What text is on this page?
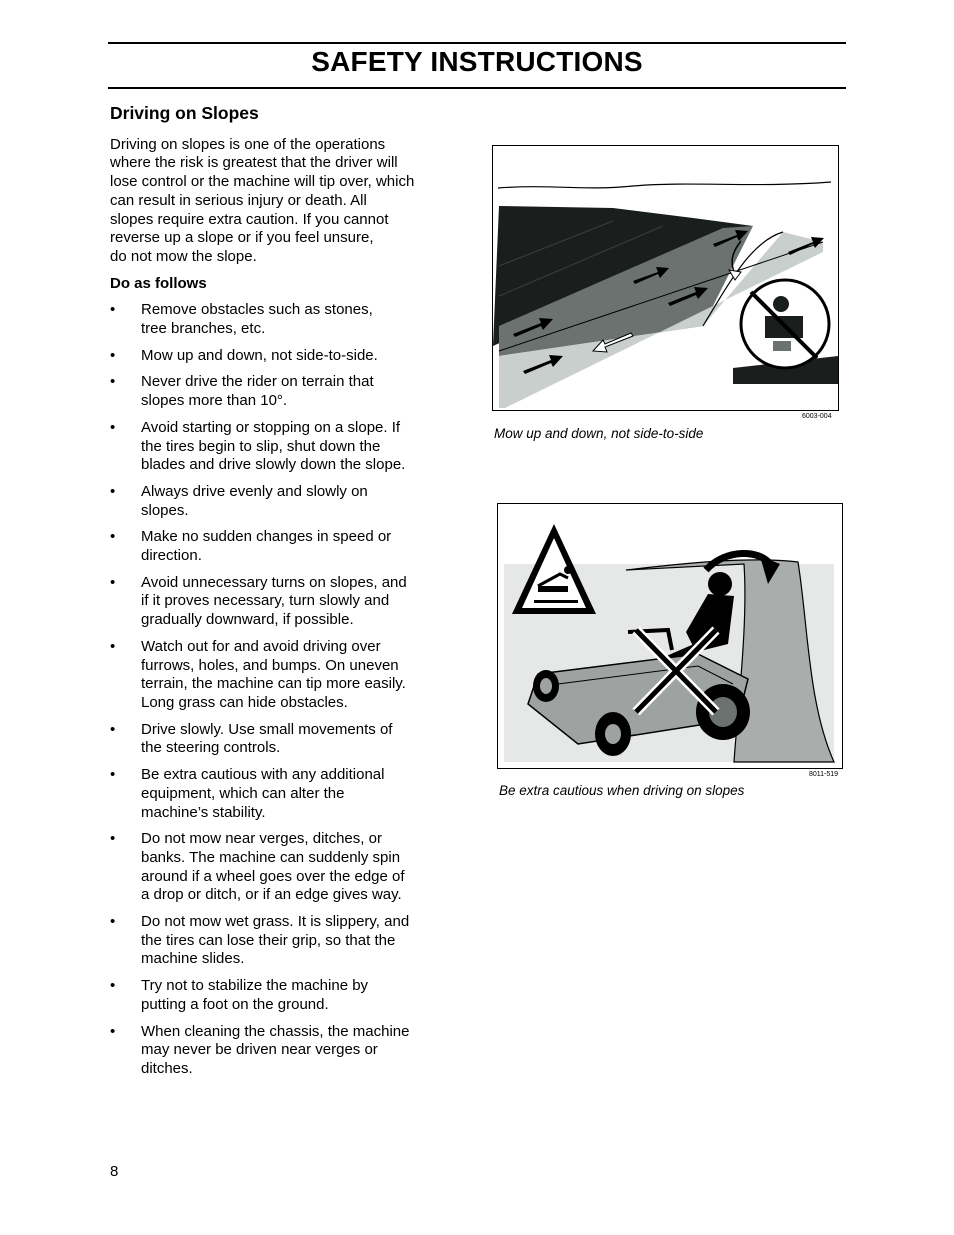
SAFETY INSTRUCTIONS
Driving on Slopes

Driving on slopes is one of the operations
where the risk is greatest that the driver will
lose control or the machine will tip over, which
can result in serious injury or death. All
slopes require extra caution. If you cannot
reverse up a slope or if you feel unsure,
do not mow the slope.

Do as follows

• Remove obstacles such as stones,
tree branches, etc.
• Mow up and down, not side-to-side.
• Never drive the rider on terrain that
slopes more than 10°.
• Avoid starting or stopping on a slope. If
the tires begin to slip, shut down the
blades and drive slowly down the slope.
• Always drive evenly and slowly on
slopes.
• Make no sudden changes in speed or
direction.
• Avoid unnecessary turns on slopes, and
if it proves necessary, turn slowly and
gradually downward, if possible.
• Watch out for and avoid driving over
furrows, holes, and bumps. On uneven
terrain, the machine can tip more easily.
Long grass can hide obstacles.
• Drive slowly. Use small movements of
the steering controls.
• Be extra cautious with any additional
equipment, which can alter the
machine’s stability.
• Do not mow near verges, ditches, or
banks. The machine can suddenly spin
around if a wheel goes over the edge of
a drop or ditch, or if an edge gives way.
• Do not mow wet grass. It is slippery, and
the tires can lose their grip, so that the
machine slides.
• Try not to stabilize the machine by
putting a foot on the ground.
• When cleaning the chassis, the machine
may never be driven near verges or
ditches.
6003-004
Mow up and down, not side-to-side
8011-519
Be extra cautious when driving on slopes
8
